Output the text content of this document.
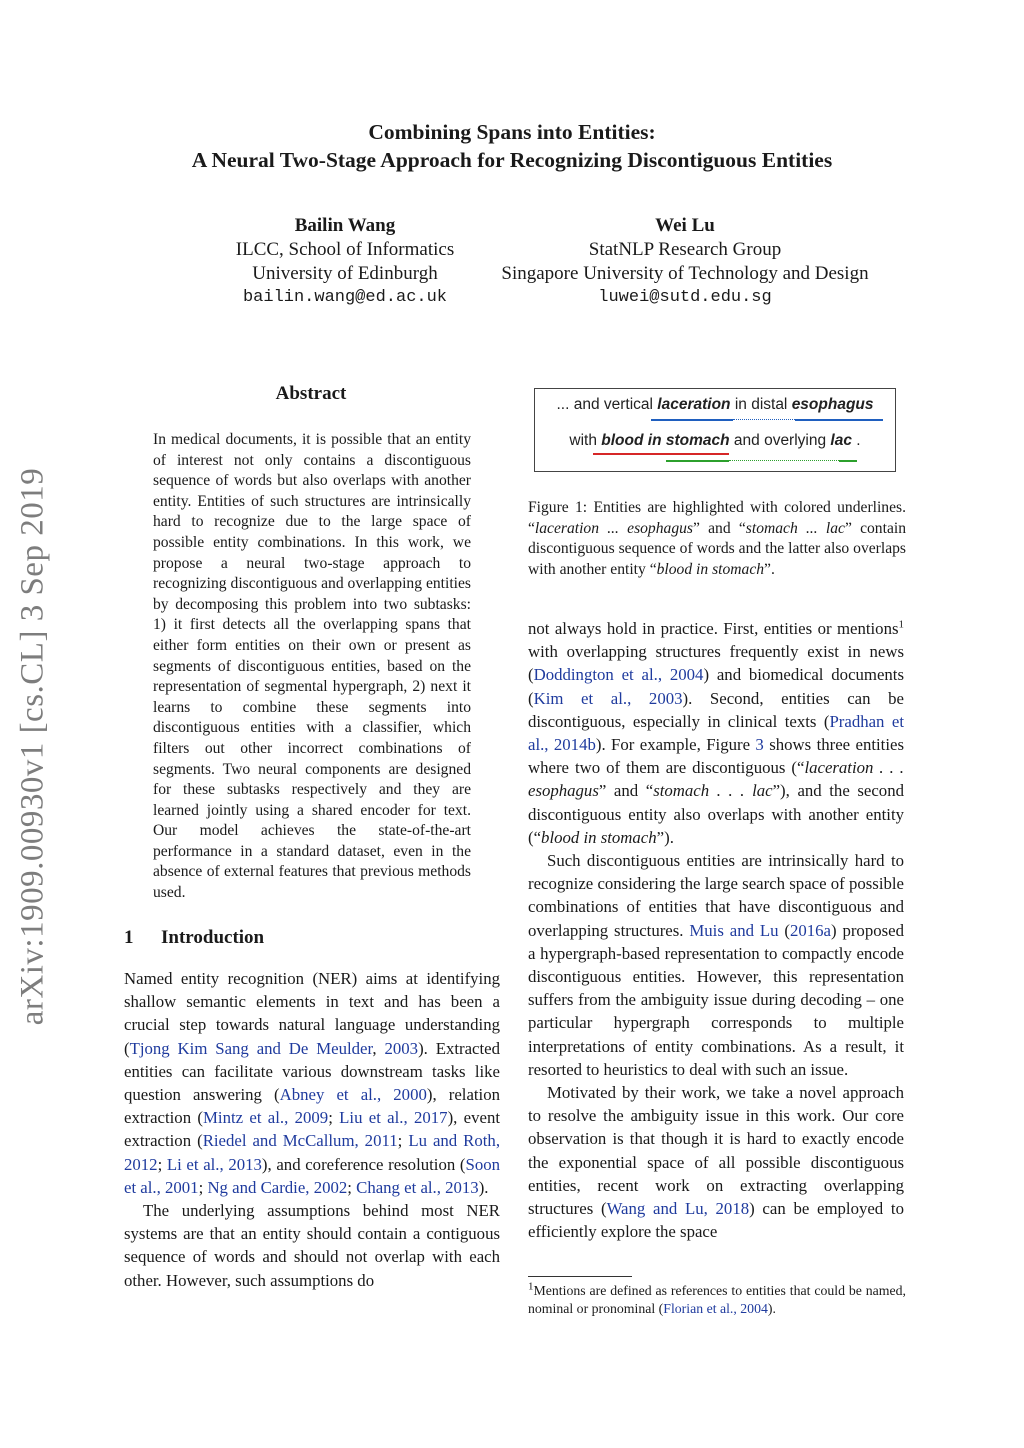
Combining Spans into Entities:
A Neural Two-Stage Approach for Recognizing Discontiguous Entities
Bailin Wang
ILCC, School of Informatics
University of Edinburgh
bailin.wang@ed.ac.uk
Wei Lu
StatNLP Research Group
Singapore University of Technology and Design
luwei@sutd.edu.sg
arXiv:1909.00930v1 [cs.CL] 3 Sep 2019
Abstract
In medical documents, it is possible that an entity of interest not only contains a discontiguous sequence of words but also overlaps with another entity. Entities of such structures are intrinsically hard to recognize due to the large space of possible entity combinations. In this work, we propose a neural two-stage approach to recognizing discontiguous and overlapping entities by decomposing this problem into two subtasks: 1) it first detects all the overlapping spans that either form entities on their own or present as segments of discontiguous entities, based on the representation of segmental hypergraph, 2) next it learns to combine these segments into discontiguous entities with a classifier, which filters out other incorrect combinations of segments. Two neural components are designed for these subtasks respectively and they are learned jointly using a shared encoder for text. Our model achieves the state-of-the-art performance in a standard dataset, even in the absence of external features that previous methods used.
1 Introduction

Named entity recognition (NER) aims at identifying shallow semantic elements in text and has been a crucial step towards natural language understanding (Tjong Kim Sang and De Meulder, 2003). Extracted entities can facilitate various downstream tasks like question answering (Abney et al., 2000), relation extraction (Mintz et al., 2009; Liu et al., 2017), event extraction (Riedel and McCallum, 2011; Lu and Roth, 2012; Li et al., 2013), and coreference resolution (Soon et al., 2001; Ng and Cardie, 2002; Chang et al., 2013).

The underlying assumptions behind most NER systems are that an entity should contain a contiguous sequence of words and should not overlap with each other. However, such assumptions do

... and vertical laceration in distal esophagus
with blood in stomach and overlying lac .
Figure 1: Entities are highlighted with colored underlines. “laceration ... esophagus” and “stomach ... lac” contain discontiguous sequence of words and the latter also overlaps with another entity “blood in stomach”.

not always hold in practice. First, entities or mentions$^1$ with overlapping structures frequently exist in news (Doddington et al., 2004) and biomedical documents (Kim et al., 2003). Second, entities can be discontiguous, especially in clinical texts (Pradhan et al., 2014b). For example, Figure 3 shows three entities where two of them are discontiguous (“laceration . . . esophagus” and “stomach . . . lac”), and the second discontiguous entity also overlaps with another entity (“blood in stomach”).

Such discontiguous entities are intrinsically hard to recognize considering the large search space of possible combinations of entities that have discontiguous and overlapping structures. Muis and Lu (2016a) proposed a hypergraph-based representation to compactly encode discontiguous entities. However, this representation suffers from the ambiguity issue during decoding – one particular hypergraph corresponds to multiple interpretations of entity combinations. As a result, it resorted to heuristics to deal with such an issue.

Motivated by their work, we take a novel approach to resolve the ambiguity issue in this work. Our core observation is that though it is hard to exactly encode the exponential space of all possible discontiguous entities, recent work on extracting overlapping structures (Wang and Lu, 2018) can be employed to efficiently explore the space

$^1$Mentions are defined as references to entities that could be named, nominal or pronominal (Florian et al., 2004).
